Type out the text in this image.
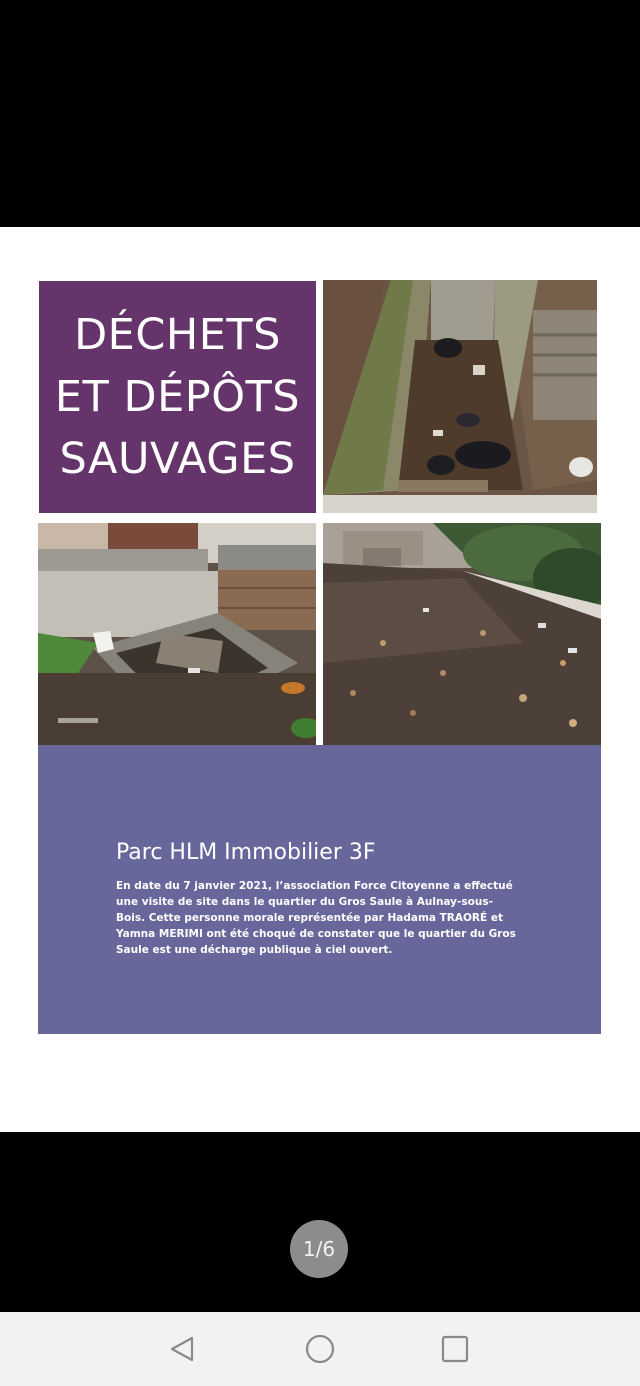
DÉCHETS
ET DÉPÔTS
SAUVAGES
Parc HLM Immobilier 3F
En date du 7 janvier 2021, l’association Force Citoyenne a effectué une visite de site dans le quartier du Gros Saule à Aulnay-sous-Bois. Cette personne morale représentée par Hadama TRAORÉ et Yamna MERIMI ont été choqué de constater que le quartier du Gros Saule est une décharge publique à ciel ouvert.
1/6
